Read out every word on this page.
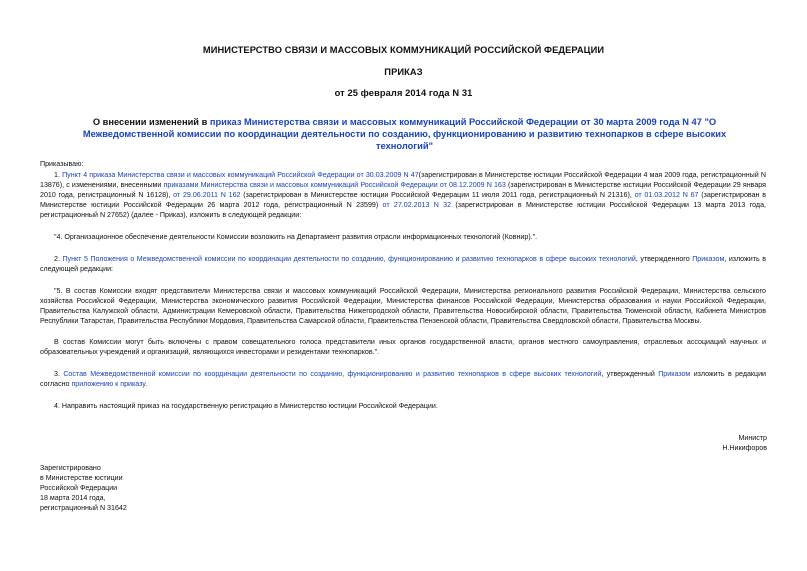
МИНИСТЕРСТВО СВЯЗИ И МАССОВЫХ КОММУНИКАЦИЙ РОССИЙСКОЙ ФЕДЕРАЦИИ
ПРИКАЗ
от 25 февраля 2014 года N 31
О внесении изменений в приказ Министерства связи и массовых коммуникаций Российской Федерации от 30 марта 2009 года N 47 "О Межведомственной комиссии по координации деятельности по созданию, функционированию и развитию технопарков в сфере высоких технологий"

Приказываю:

1. Пункт 4 приказа Министерства связи и массовых коммуникаций Российской Федерации от 30.03.2009 N 47(зарегистрирован в Министерстве юстиции Российской Федерации 4 мая 2009 года, регистрационный N 13876), с изменениями, внесенными приказами Министерства связи и массовых коммуникаций Российской Федерации от 08.12.2009 N 163 (зарегистрирован в Министерстве юстиции Российской Федерации 29 января 2010 года, регистрационный N 16128), от 29.06.2011 N 162 (зарегистрирован в Министерстве юстиции Российской Федерации 11 июля 2011 года, регистрационный N 21316), от 01.03.2012 N 67 (зарегистрирован в Министерстве юстиции Российской Федерации 26 марта 2012 года, регистрационный N 23599) от 27.02.2013 N 32 (зарегистрирован в Министерстве юстиции Российской Федерации 13 марта 2013 года, регистрационный N 27652) (далее - Приказ), изложить в следующей редакции:

"4. Организационное обеспечение деятельности Комиссии возложить на Департамент развития отрасли информационных технологий (Ковнир).".

2. Пункт 5 Положения о Межведомственной комиссии по координации деятельности по созданию, функционированию и развитию технопарков в сфере высоких технологий, утвержденного Приказом, изложить в следующей редакции:

"5. В состав Комиссии входят представители Министерства связи и массовых коммуникаций Российской Федерации, Министерства регионального развития Российской Федерации, Министерства сельского хозяйства Российской Федерации, Министерства экономического развития Российской Федерации, Министерства финансов Российской Федерации, Министерства образования и науки Российской Федерации, Правительства Калужской области, Администрации Кемеровской области, Правительства Нижегородской области, Правительства Новосибирской области, Правительства Тюменской области, Кабинета Министров Республики Татарстан, Правительства Республики Мордовия, Правительства Самарской области, Правительства Пензенской области, Правительства Свердловской области, Правительства Москвы.

В состав Комиссии могут быть включены с правом совещательного голоса представители иных органов государственной власти, органов местного самоуправления, отраслевых ассоциаций научных и образовательных учреждений и организаций, являющихся инвесторами и резидентами технопарков.".

3. Состав Межведомственной комиссии по координации деятельности по созданию, функционированию и развитию технопарков в сфере высоких технологий, утвержденный Приказом изложить в редакции согласно приложению к приказу.

4. Направить настоящий приказ на государственную регистрацию в Министерство юстиции Российской Федерации.

Министр
Н.Никифоров
Зарегистрировано
в Министерстве юстиции
Российской Федерации
18 марта 2014 года,
регистрационный N 31642
